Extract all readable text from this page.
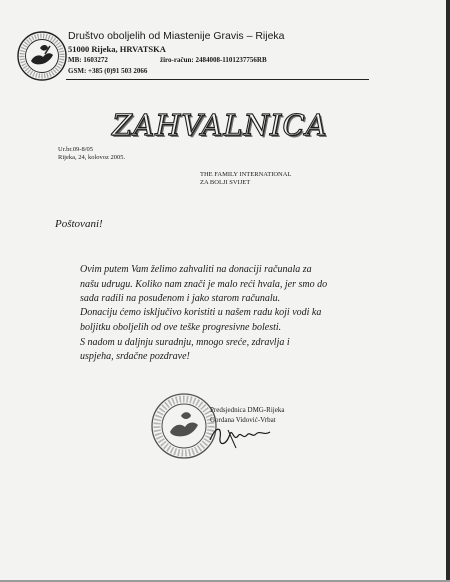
Društvo oboljelih od Miastenije Gravis – Rijeka
51000 Rijeka, HRVATSKA
MB: 1603272	žiro-račun: 2484008-1101237756RB
GSM: +385 (0)91 503 2066
ZAHVALNICA
Ur.br.09-8/05
Rijeka, 24, kolovoz 2005.
THE FAMILY INTERNATIONAL
ZA BOLJI SVIJET
Poštovani!
Ovim putem Vam želimo zahvaliti na donaciji računala za
našu udrugu. Koliko nam znači je malo reći hvala, jer smo do
sada radili na posuđenom i jako starom računalu.
Donaciju ćemo isključivo koristiti u našem radu koji vodi ka
boljitku oboljelih od ove teške progresivne bolesti.
S nadom u daljnju suradnju, mnogo sreće, zdravlja i
uspjeha, srdačne pozdrave!
Predsjednica DMG-Rijeka
Gordana Vidović-Vrbat
